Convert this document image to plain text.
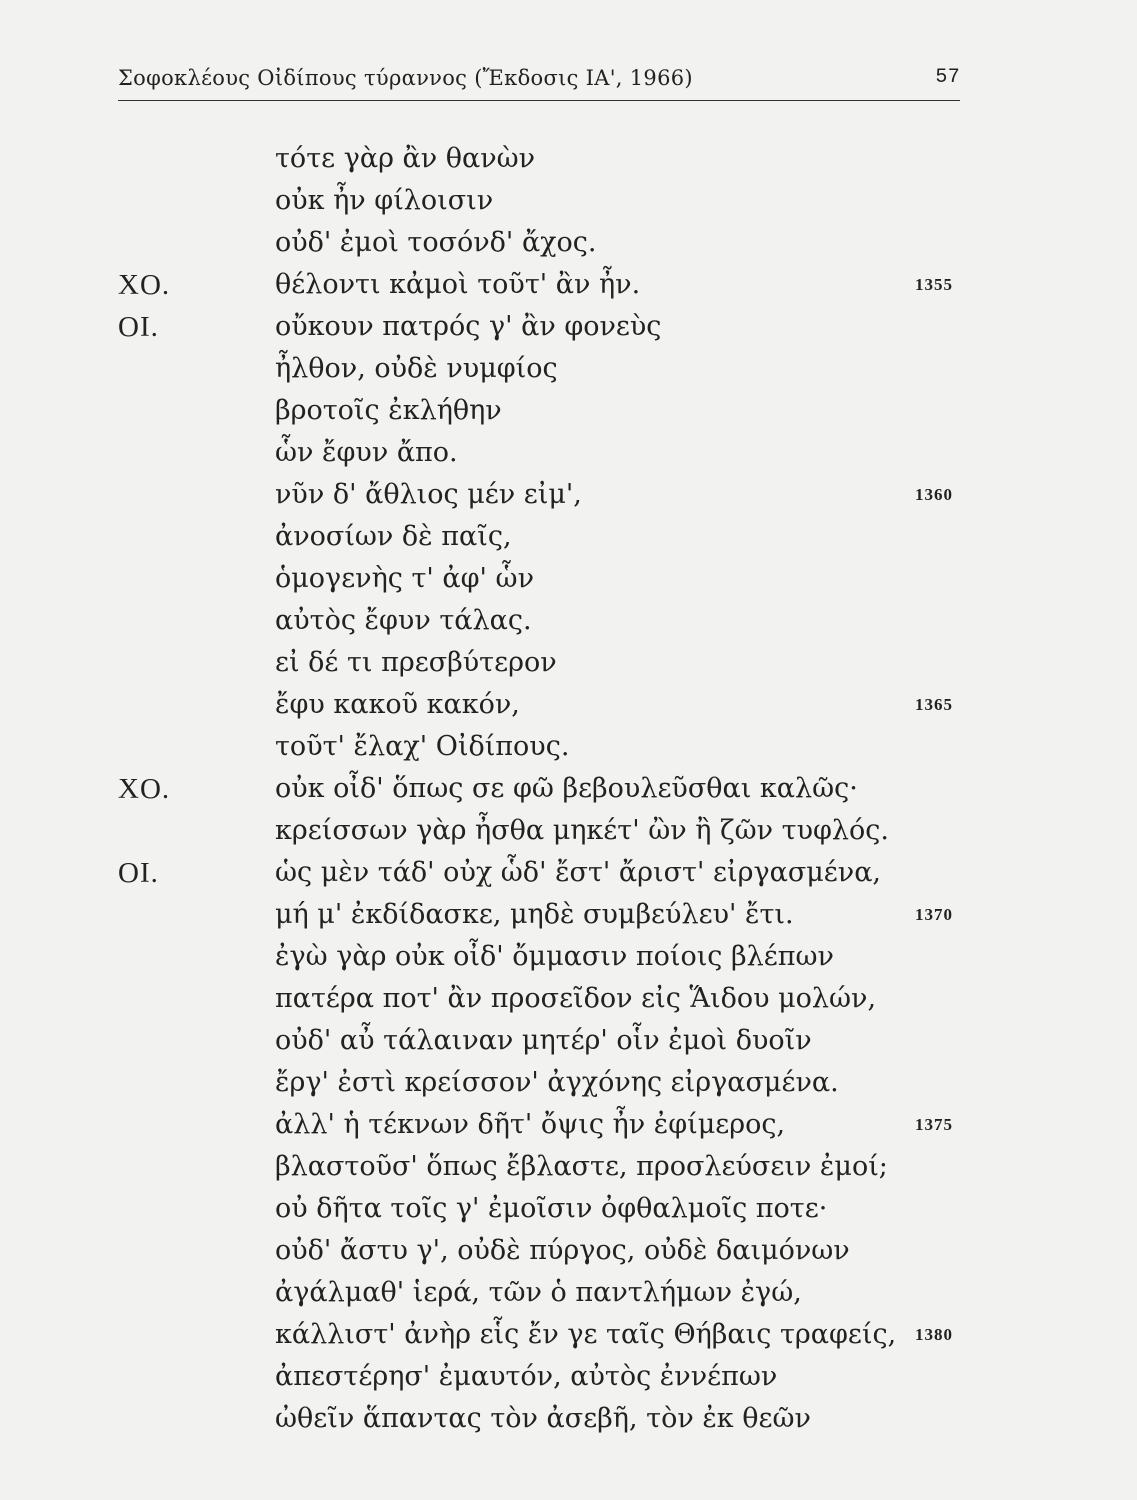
Σοφοκλέους Οἰδίπους τύραννος (Ἔκδοσις ΙΑ', 1966)	57
τότε γὰρ ἂν θανὼν
οὐκ ἦν φίλοισιν
οὐδ' ἐμοὶ τοσόνδ' ἄχος.
ΧΟ.	θέλοντι κἀμοὶ τοῦτ' ἂν ἦν.	1355
ΟΙ.	οὔκουν πατρός γ' ἂν φονεὺς
ἦλθον, οὐδὲ νυμφίος
βροτοῖς ἐκλήθην
ὧν ἔφυν ἄπο.
νῦν δ' ἄθλιος μέν εἰμ',	1360
ἀνοσίων δὲ παῖς,
ὁμογενὴς τ' ἀφ' ὧν
αὐτὸς ἔφυν τάλας.
εἰ δέ τι πρεσβύτερον
ἔφυ κακοῦ κακόν,	1365
τοῦτ' ἔλαχ' Οἰδίπους.
ΧΟ.	οὐκ οἶδ' ὅπως σε φῶ βεβουλεῦσθαι καλῶς·
κρείσσων γὰρ ἦσθα μηκέτ' ὢν ἢ ζῶν τυφλός.
ΟΙ.	ὡς μὲν τάδ' οὐχ ὧδ' ἔστ' ἄριστ' εἰργασμένα,
μή μ' ἐκδίδασκε, μηδὲ συμβεύλευ' ἔτι.	1370
ἐγὼ γὰρ οὐκ οἶδ' ὄμμασιν ποίοις βλέπων
πατέρα ποτ' ἂν προσεῖδον εἰς Ἅιδου μολών,
οὐδ' αὖ τάλαιναν μητέρ' οἷν ἐμοὶ δυοῖν
ἔργ' ἐστὶ κρείσσον' ἀγχόνης εἰργασμένα.
ἀλλ' ἡ τέκνων δῆτ' ὄψις ἦν ἐφίμερος,	1375
βλαστοῦσ' ὅπως ἔβλαστε, προσλεύσειν ἐμοί;
οὐ δῆτα τοῖς γ' ἐμοῖσιν ὀφθαλμοῖς ποτε·
οὐδ' ἄστυ γ', οὐδὲ πύργος, οὐδὲ δαιμόνων
ἀγάλμαθ' ἱερά, τῶν ὁ παντλήμων ἐγώ,
κάλλιστ' ἀνὴρ εἷς ἔν γε ταῖς Θήβαις τραφείς, 1380
ἀπεστέρησ' ἐμαυτόν, αὐτὸς ἐννέπων
ὠθεῖν ἅπαντας τὸν ἀσεβῆ, τὸν ἐκ θεῶν
